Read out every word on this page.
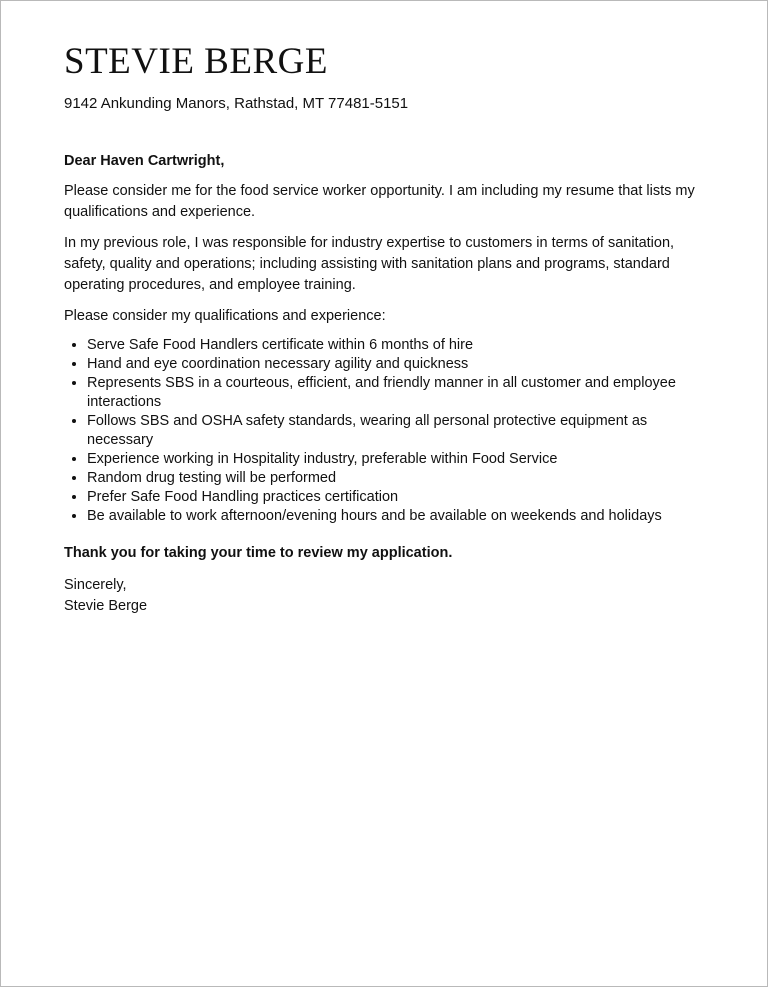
STEVIE BERGE
9142 Ankunding Manors, Rathstad, MT 77481-5151
Dear Haven Cartwright,
Please consider me for the food service worker opportunity. I am including my resume that lists my qualifications and experience.
In my previous role, I was responsible for industry expertise to customers in terms of sanitation, safety, quality and operations; including assisting with sanitation plans and programs, standard operating procedures, and employee training.
Please consider my qualifications and experience:
• Serve Safe Food Handlers certificate within 6 months of hire
• Hand and eye coordination necessary agility and quickness
• Represents SBS in a courteous, efficient, and friendly manner in all customer and employee interactions
• Follows SBS and OSHA safety standards, wearing all personal protective equipment as necessary
• Experience working in Hospitality industry, preferable within Food Service
• Random drug testing will be performed
• Prefer Safe Food Handling practices certification
• Be available to work afternoon/evening hours and be available on weekends and holidays
Thank you for taking your time to review my application.
Sincerely,
Stevie Berge
